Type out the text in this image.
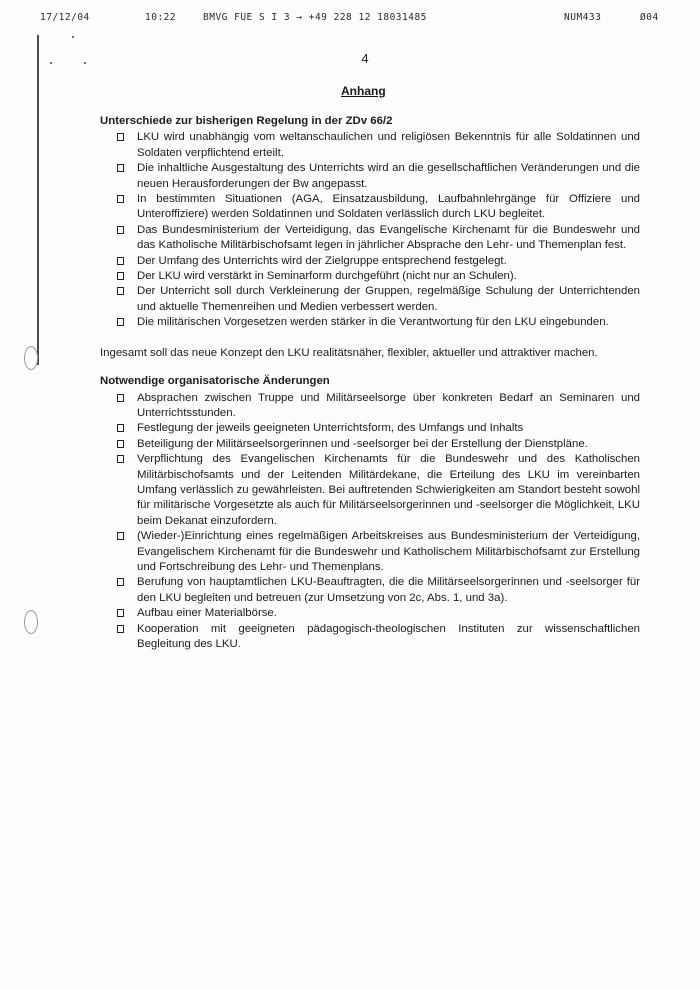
17/12/04	10:22	BMVG FUE S I 3 → +49 228 12 18031485	NUM433	Ø04
4
Anhang

Unterschiede zur bisherigen Regelung in der ZDv 66/2

LKU wird unabhängig vom weltanschaulichen und religiösen Bekenntnis für alle Soldatinnen und Soldaten verpflichtend erteilt.
Die inhaltliche Ausgestaltung des Unterrichts wird an die gesellschaftlichen Veränderungen und die neuen Herausforderungen der Bw angepasst.
In bestimmten Situationen (AGA, Einsatzausbildung, Laufbahnlehrgänge für Offiziere und Unteroffiziere) werden Soldatinnen und Soldaten verlässlich durch LKU begleitet.
Das Bundesministerium der Verteidigung, das Evangelische Kirchenamt für die Bundeswehr und das Katholische Militärbischofsamt legen in jährlicher Absprache den Lehr- und Themenplan fest.
Der Umfang des Unterrichts wird der Zielgruppe entsprechend festgelegt.
Der LKU wird verstärkt in Seminarform durchgeführt (nicht nur an Schulen).
Der Unterricht soll durch Verkleinerung der Gruppen, regelmäßige Schulung der Unterrichtenden und aktuelle Themenreihen und Medien verbessert werden.
Die militärischen Vorgesetzen werden stärker in die Verantwortung für den LKU eingebunden.

Ingesamt soll das neue Konzept den LKU realitätsnäher, flexibler, aktueller und attraktiver machen.

Notwendige organisatorische Änderungen

Absprachen zwischen Truppe und Militärseelsorge über konkreten Bedarf an Seminaren und Unterrichtsstunden.
Festlegung der jeweils geeigneten Unterrichtsform, des Umfangs und Inhalts
Beteiligung der Militärseelsorgerinnen und -seelsorger bei der Erstellung der Dienstpläne.
Verpflichtung des Evangelischen Kirchenamts für die Bundeswehr und des Katholischen Militärbischofsamts und der Leitenden Militärdekane, die Erteilung des LKU im vereinbarten Umfang verlässlich zu gewährleisten. Bei auftretenden Schwierigkeiten am Standort besteht sowohl für militärische Vorgesetzte als auch für Militärseelsorgerinnen und -seelsorger die Möglichkeit, LKU beim Dekanat einzufordern.
(Wieder-)Einrichtung eines regelmäßigen Arbeitskreises aus Bundesministerium der Verteidigung, Evangelischem Kirchenamt für die Bundeswehr und Katholischem Militärbischofsamt zur Erstellung und Fortschreibung des Lehr- und Themenplans.
Berufung von hauptamtlichen LKU-Beauftragten, die die Militärseelsorgerinnen und -seelsorger für den LKU begleiten und betreuen (zur Umsetzung von 2c, Abs. 1, und 3a).
Aufbau einer Materialbörse.
Kooperation mit geeigneten pädagogisch-theologischen Instituten zur wissenschaftlichen Begleitung des LKU.
